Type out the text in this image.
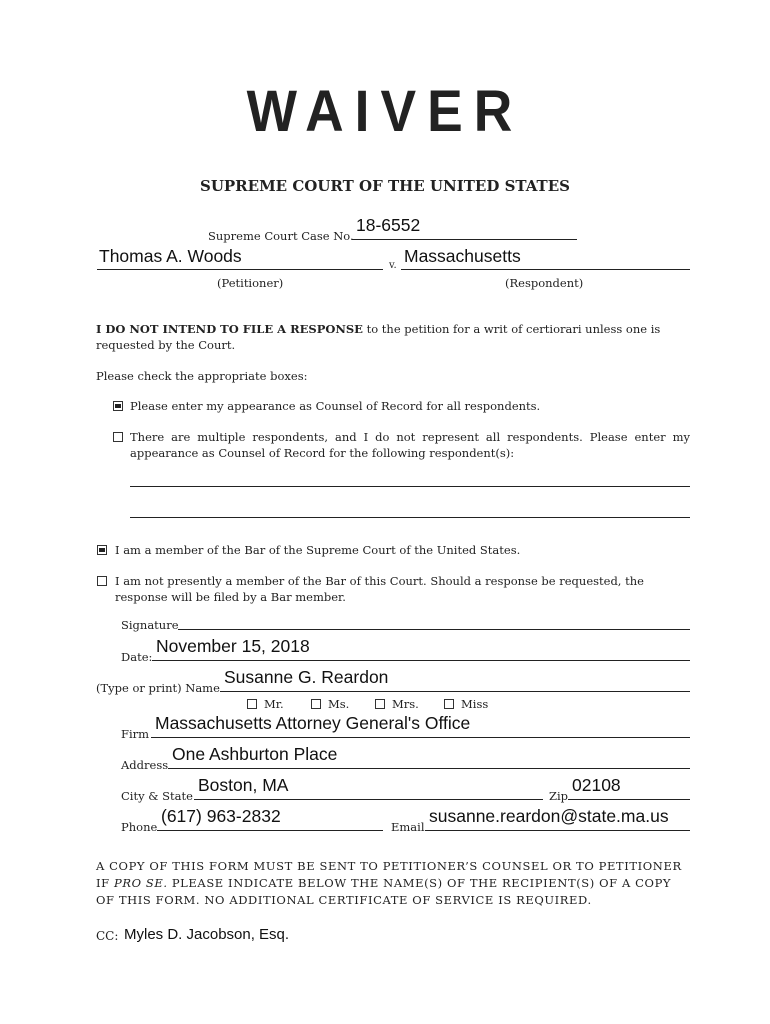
WAIVER
SUPREME COURT OF THE UNITED STATES
Supreme Court Case No.
18-6552
Thomas A. Woods	v. Massachusetts
(Petitioner)	(Respondent)
I DO NOT INTEND TO FILE A RESPONSE to the petition for a writ of certiorari unless one is requested by the Court.
Please check the appropriate boxes:
Please enter my appearance as Counsel of Record for all respondents.
There are multiple respondents, and I do not represent all respondents. Please enter my appearance as Counsel of Record for the following respondent(s):
I am a member of the Bar of the Supreme Court of the United States.
I am not presently a member of the Bar of this Court. Should a response be requested, the response will be filed by a Bar member.
Signature
Date:
November 15, 2018
(Type or print) Name
Susanne G. Reardon
Mr.	Ms.	Mrs.	Miss
Firm
Massachusetts Attorney General's Office
Address
One Ashburton Place
City & State
Boston, MA
Zip
02108
Phone
(617) 963-2832
Email
susanne.reardon@state.ma.us
A COPY OF THIS FORM MUST BE SENT TO PETITIONER’S COUNSEL OR TO PETITIONER
IF PRO SE. PLEASE INDICATE BELOW THE NAME(S) OF THE RECIPIENT(S) OF A COPY
OF THIS FORM. NO ADDITIONAL CERTIFICATE OF SERVICE IS REQUIRED.
CC: Myles D. Jacobson, Esq.
